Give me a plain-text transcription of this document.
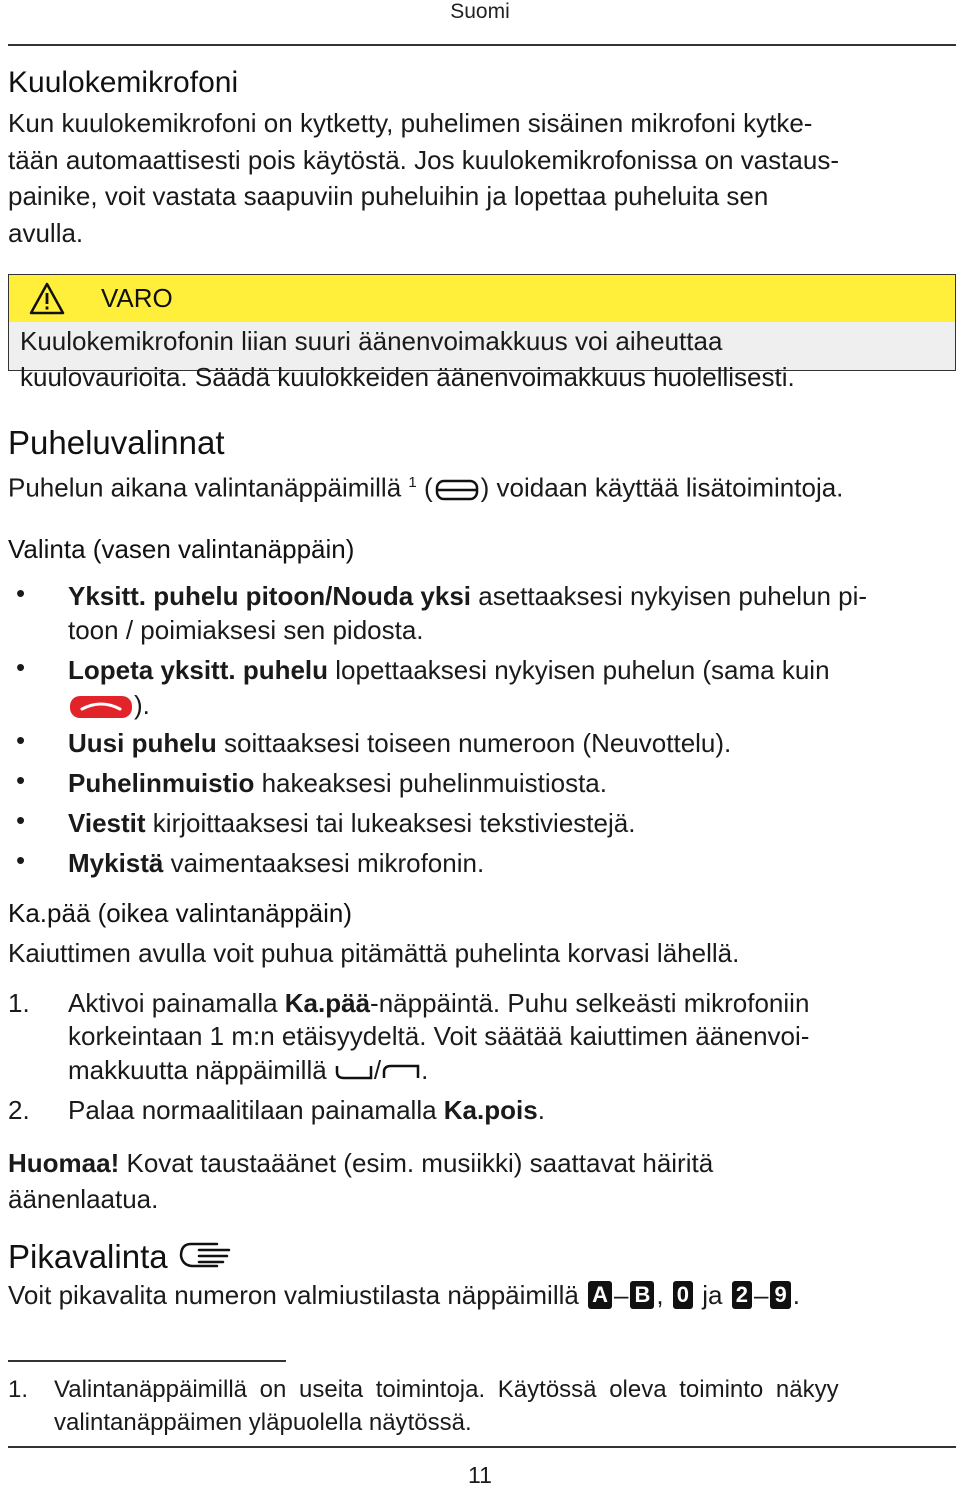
Suomi
Kuulokemikrofoni
Kun kuulokemikrofoni on kytketty, puhelimen sisäinen mikrofoni kytke-
tään automaattisesti pois käytöstä. Jos kuulokemikrofonissa on vastaus-
painike, voit vastata saapuviin puheluihin ja lopettaa puheluita sen
avulla.
VARO
Kuulokemikrofonin liian suuri äänenvoimakkuus voi aiheuttaa
kuulovaurioita. Säädä kuulokkeiden äänenvoimakkuus huolellisesti.
Puheluvalinnat
Puhelun aikana valintanäppäimillä $^1$ ( ) voidaan käyttää lisätoimintoja.
Valinta (vasen valintanäppäin)
• Yksitt. puhelu pitoon/Nouda yksi asettaaksesi nykyisen puhelun pi-
toon / poimiaksesi sen pidosta.
• Lopeta yksitt. puhelu lopettaaksesi nykyisen puhelun (sama kuin
).
• Uusi puhelu soittaaksesi toiseen numeroon (Neuvottelu).
• Puhelinmuistio hakeaksesi puhelinmuistiosta.
• Viestit kirjoittaaksesi tai lukeaksesi tekstiviestejä.
• Mykistä vaimentaaksesi mikrofonin.
Ka.pää (oikea valintanäppäin)
Kaiuttimen avulla voit puhua pitämättä puhelinta korvasi lähellä.
1. Aktivoi painamalla Ka.pää-näppäintä. Puhu selkeästi mikrofoniin
korkeintaan 1 m:n etäisyydeltä. Voit säätää kaiuttimen äänenvoi-
makkuutta näppäimillä / .
2. Palaa normaalitilaan painamalla Ka.pois.
Huomaa! Kovat taustaäänet (esim. musiikki) saattavat häiritä
äänenlaatua.
Pikavalinta
Voit pikavalita numeron valmiustilasta näppäimillä A – B , 0 ja 2 – 9 .
1. Valintanäppäimillä on useita toimintoja. Käytössä oleva toiminto näkyy
valintanäppäimen yläpuolella näytössä.
11
